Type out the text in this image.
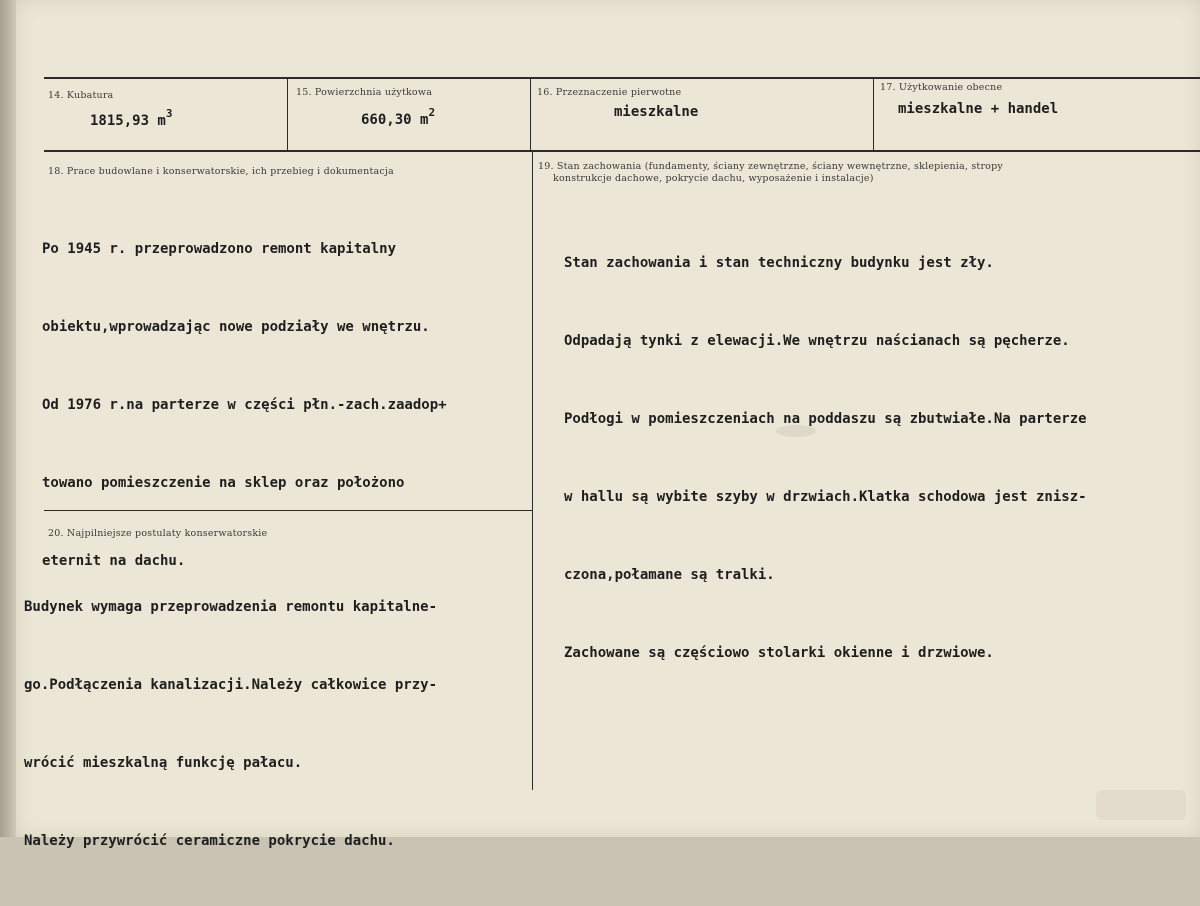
14. Kubatura
1815,93 $m^3$
15. Powierzchnia użytkowa
660,30 $m^2$
16. Przeznaczenie pierwotne
mieszkalne
17. Użytkowanie obecne
mieszkalne + handel
18. Prace budowlane i konserwatorskie, ich przebieg i dokumentacja

Po 1945 r. przeprowadzono remont kapitalny

obiektu,wprowadzając nowe podziały we wnętrzu.

Od 1976 r.na parterze w części płn.-zach.zaadop+

towano pomieszczenie na sklep oraz położono

eternit na dachu.

19. Stan zachowania (fundamenty, ściany zewnętrzne, ściany wewnętrzne, sklepienia, stropy
konstrukcje dachowe, pokrycie dachu, wyposażenie i instalacje)

Stan zachowania i stan techniczny budynku jest zły.

Odpadają tynki z elewacji.We wnętrzu naścianach są pęcherze.

Podłogi w pomieszczeniach na poddaszu są zbutwiałe.Na parterze

w hallu są wybite szyby w drzwiach.Klatka schodowa jest znisz-

czona,połamane są tralki.

Zachowane są częściowo stolarki okienne i drzwiowe.

20. Najpilniejsze postulaty konserwatorskie

Budynek wymaga przeprowadzenia remontu kapitalne-

go.Podłączenia kanalizacji.Należy całkowice przy-

wrócić mieszkalną funkcję pałacu.

Należy przywrócić ceramiczne pokrycie dachu.
